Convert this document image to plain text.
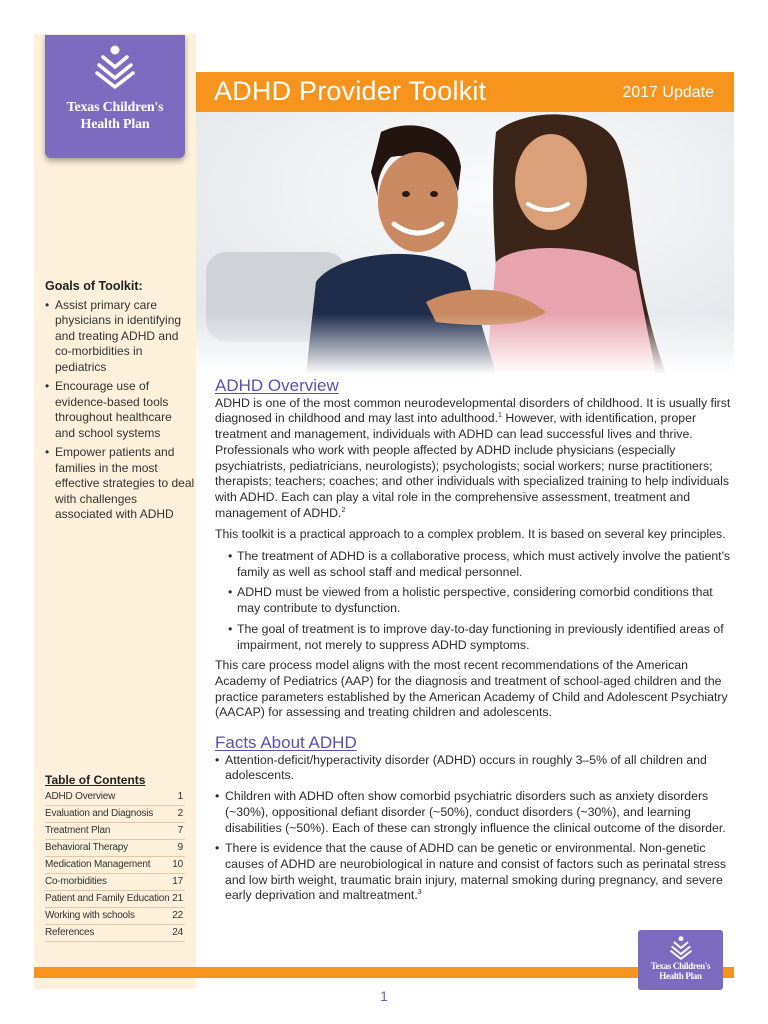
Texas Children's
Health Plan
ADHD Provider Toolkit	2017 Update
Goals of Toolkit:
• Assist primary care physicians in identifying and treating ADHD and co-morbidities in pediatrics
• Encourage use of evidence-based tools throughout healthcare and school systems
• Empower patients and families in the most effective strategies to deal with challenges associated with ADHD
Table of Contents
ADHD Overview	1
Evaluation and Diagnosis 2
Treatment Plan	7
Behavioral Therapy	9
Medication Management 10
Co-morbidities	17
Patient and Family Education 21
Working with schools	22
References	24
ADHD Overview

ADHD is one of the most common neurodevelopmental disorders of childhood. It is usually first diagnosed in childhood and may last into adulthood.$^1$ However, with identification, proper treatment and management, individuals with ADHD can lead successful lives and thrive. Professionals who work with people affected by ADHD include physicians (especially psychiatrists, pediatricians, neurologists); psychologists; social workers; nurse practitioners; therapists; teachers; coaches; and other individuals with specialized training to help individuals with ADHD. Each can play a vital role in the comprehensive assessment, treatment and management of ADHD.$^2$

This toolkit is a practical approach to a complex problem. It is based on several key principles.

• The treatment of ADHD is a collaborative process, which must actively involve the patient's family as well as school staff and medical personnel.
• ADHD must be viewed from a holistic perspective, considering comorbid conditions that may contribute to dysfunction.
• The goal of treatment is to improve day-to-day functioning in previously identified areas of impairment, not merely to suppress ADHD symptoms.

This care process model aligns with the most recent recommendations of the American Academy of Pediatrics (AAP) for the diagnosis and treatment of school-aged children and the practice parameters established by the American Academy of Child and Adolescent Psychiatry (AACAP) for assessing and treating children and adolescents.

Facts About ADHD
• Attention-deficit/hyperactivity disorder (ADHD) occurs in roughly 3–5% of all children and adolescents.
• Children with ADHD often show comorbid psychiatric disorders such as anxiety disorders (~30%), oppositional defiant disorder (~50%), conduct disorders (~30%), and learning disabilities (~50%). Each of these can strongly influence the clinical outcome of the disorder.
• There is evidence that the cause of ADHD can be genetic or environmental. Non-genetic causes of ADHD are neurobiological in nature and consist of factors such as perinatal stress and low birth weight, traumatic brain injury, maternal smoking during pregnancy, and severe early deprivation and maltreatment.$^3$
Texas Children's
Health Plan
1
